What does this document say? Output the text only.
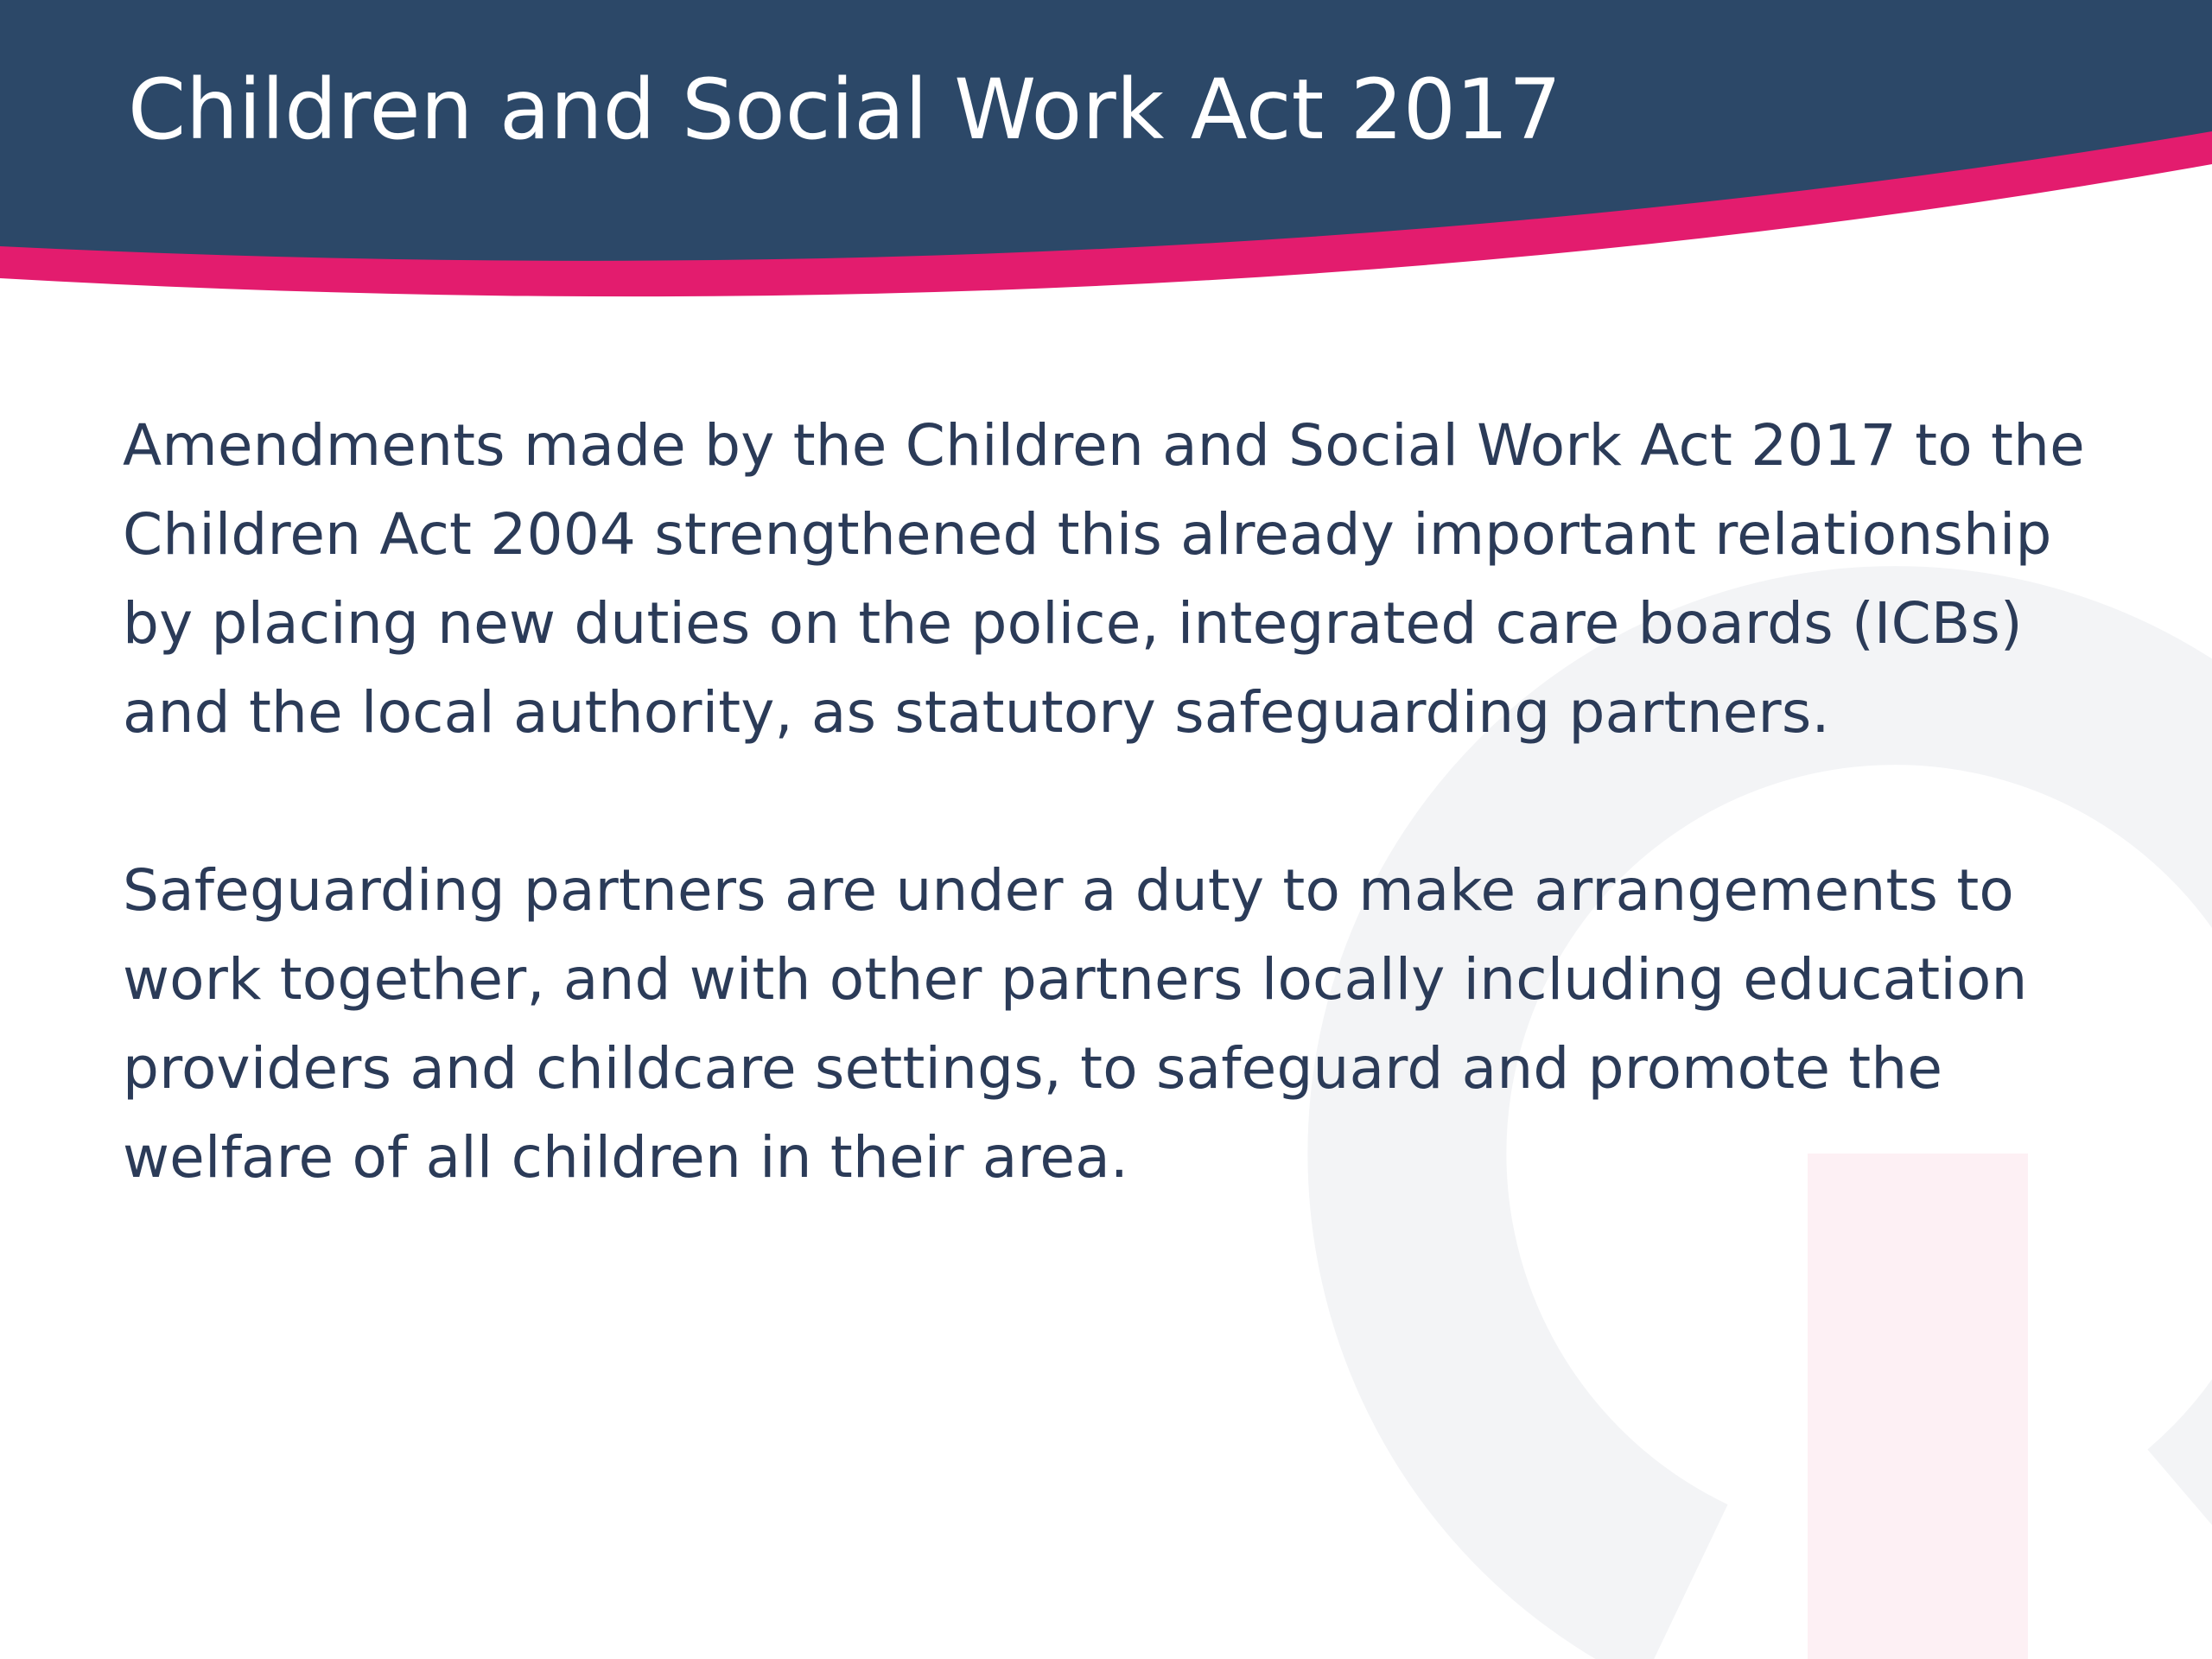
Children and Social Work Act 2017

Amendments made by the Children and Social Work Act 2017 to the Children Act 2004 strengthened this already important relationship by placing new duties on the police, integrated care boards (ICBs) and the local authority, as statutory safeguarding partners.

Safeguarding partners are under a duty to make arrangements to work together, and with other partners locally including education providers and childcare settings, to safeguard and promote the welfare of all children in their area.
